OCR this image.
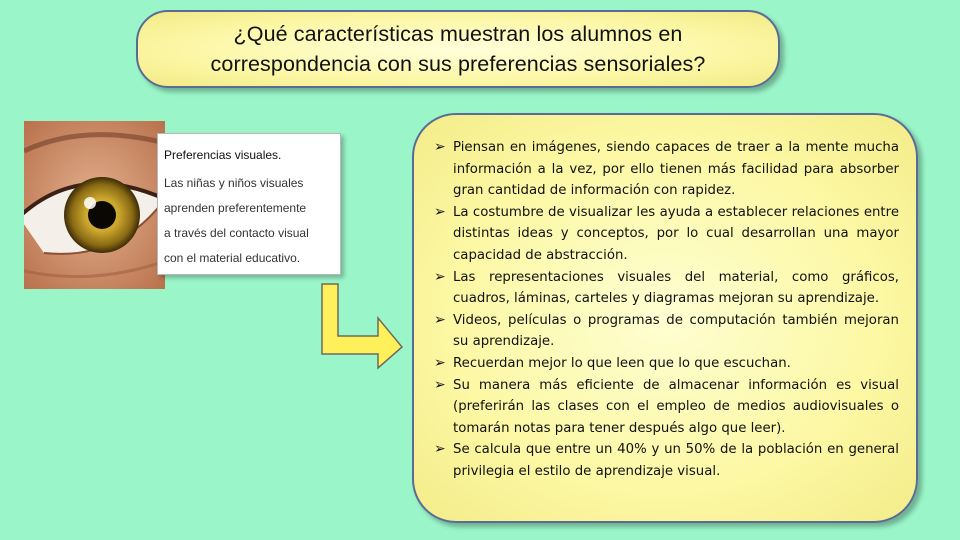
¿Qué características muestran los alumnos en
correspondencia con sus preferencias sensoriales?

Preferencias visuales.

Las niñas y niños visuales

aprenden preferentemente

a través del contacto visual

con el material educativo.

➢ Piensan en imágenes, siendo capaces de traer a la mente mucha información a la vez, por ello tienen más facilidad para absorber gran cantidad de información con rapidez.
➢ La costumbre de visualizar les ayuda a establecer relaciones entre distintas ideas y conceptos, por lo cual desarrollan una mayor capacidad de abstracción.
➢ Las representaciones visuales del material, como gráficos, cuadros, láminas, carteles y diagramas mejoran su aprendizaje.
➢ Videos, películas o programas de computación también mejoran su aprendizaje.
➢ Recuerdan mejor lo que leen que lo que escuchan.
➢ Su manera más eficiente de almacenar información es visual (preferirán las clases con el empleo de medios audiovisuales o tomarán notas para tener después algo que leer).
➢ Se calcula que entre un 40% y un 50% de la población en general privilegia el estilo de aprendizaje visual.
